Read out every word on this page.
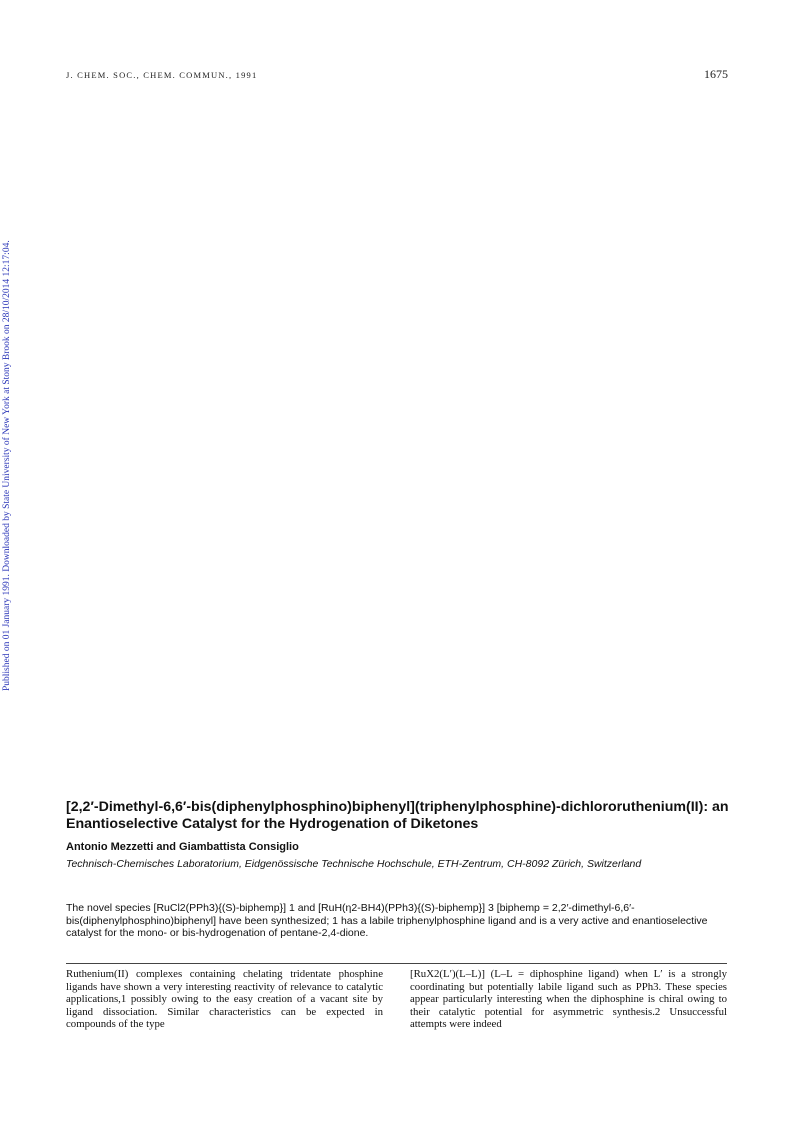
J. CHEM. SOC., CHEM. COMMUN., 1991	1675
Published on 01 January 1991. Downloaded by State University of New York at Stony Brook on 28/10/2014 12:17:04.
[2,2′-Dimethyl-6,6′-bis(diphenylphosphino)biphenyl](triphenylphosphine)-dichlororuthenium(II): an Enantioselective Catalyst for the Hydrogenation of Diketones
Antonio Mezzetti and Giambattista Consiglio
Technisch-Chemisches Laboratorium, Eidgenössische Technische Hochschule, ETH-Zentrum, CH-8092 Zürich, Switzerland
The novel species [RuCl2(PPh3){(S)-biphemp}] 1 and [RuH(η2-BH4)(PPh3){(S)-biphemp}] 3 [biphemp = 2,2′-dimethyl-6,6′-bis(diphenylphosphino)biphenyl] have been synthesized; 1 has a labile triphenylphosphine ligand and is a very active and enantioselective catalyst for the mono- or bis-hydrogenation of pentane-2,4-dione.
Ruthenium(II) complexes containing chelating tridentate phosphine ligands have shown a very interesting reactivity of relevance to catalytic applications,1 possibly owing to the easy creation of a vacant site by ligand dissociation. Similar characteristics can be expected in compounds of the type
[RuX2(L′)(L–L)] (L–L = diphosphine ligand) when L′ is a strongly coordinating but potentially labile ligand such as PPh3. These species appear particularly interesting when the diphosphine is chiral owing to their catalytic potential for asymmetric synthesis.2 Unsuccessful attempts were indeed
